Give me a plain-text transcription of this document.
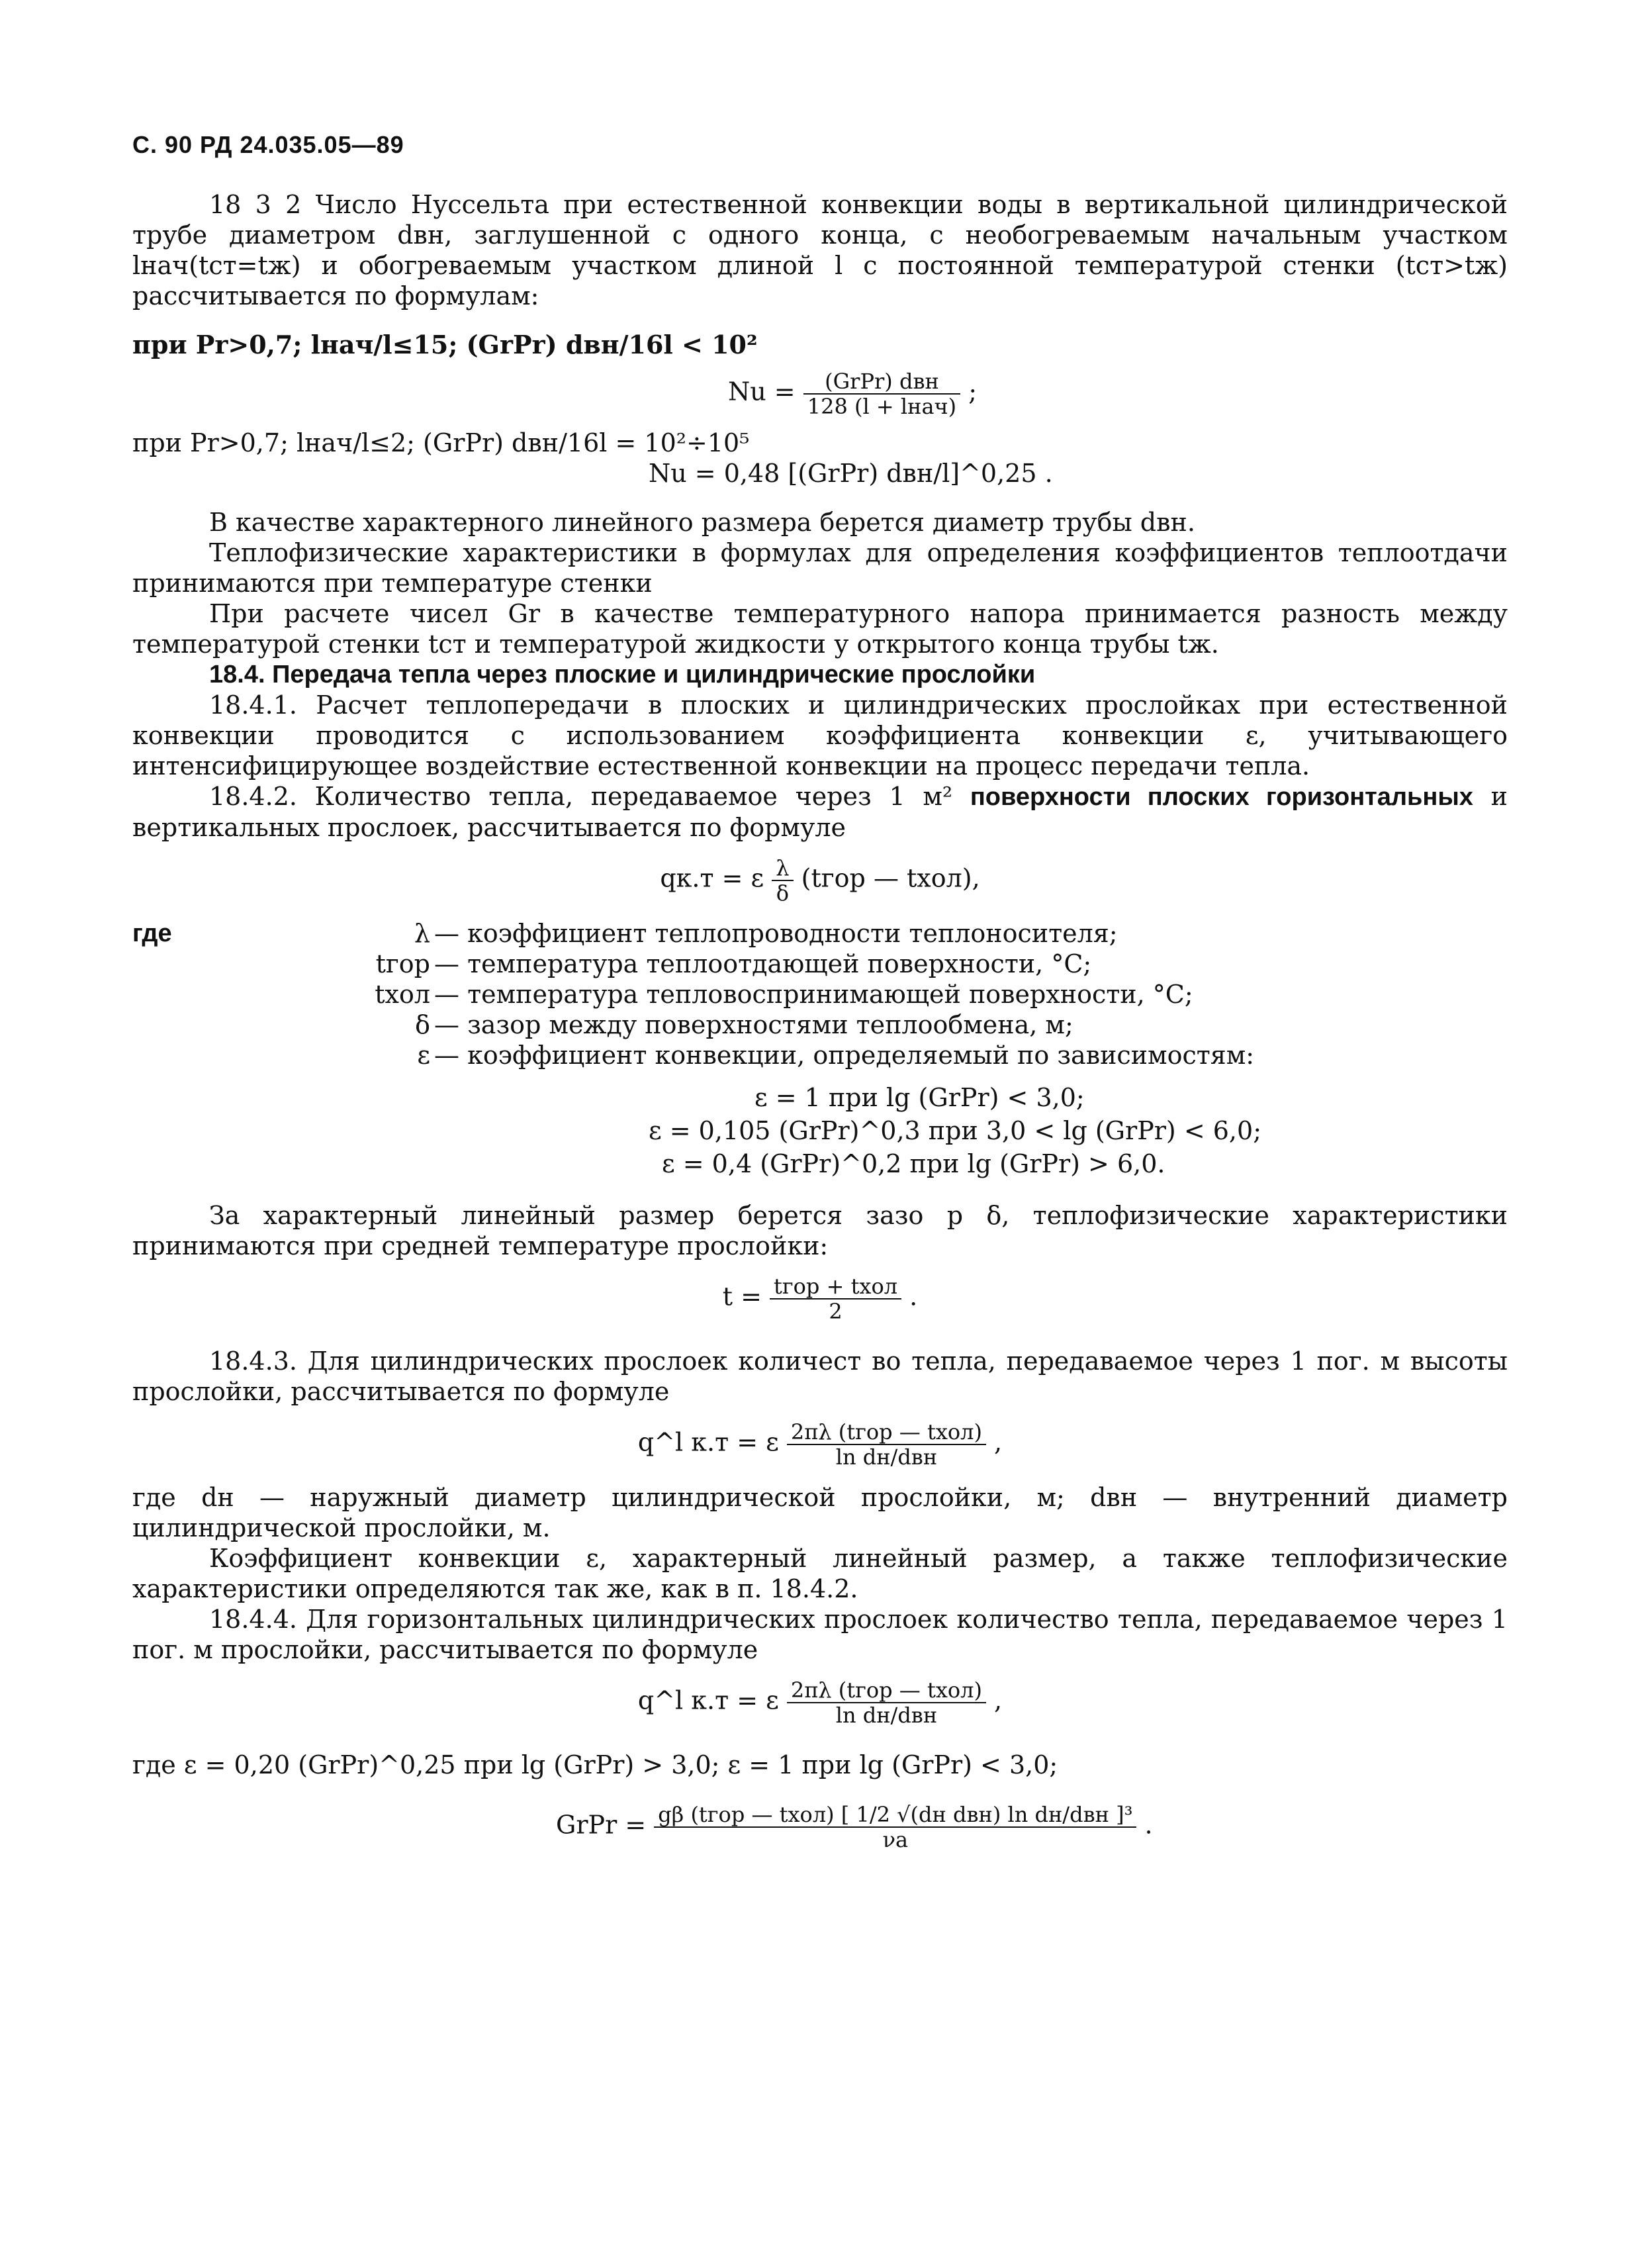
С. 90 РД 24.035.05—89

18 3 2 Число Нуссельта при естественной конвекции воды в вертикальной цилиндрической трубе диаметром dвн, заглушенной с одного конца, с необогреваемым начальным участком lнач(tст=tж) и обогреваемым участком длиной l с постоянной температурой стенки (tст>tж) рассчитывается по формулам:

при Pr>0,7; lнач/l≤15; (GrPr) dвн/16l < 10²

$Nu = \frac{\text{(GrPr) dвн}}{\text{128 (l + lнач)}}$ ;

при Pr>0,7; lнач/l≤2; (GrPr) dвн/16l = 10²÷10⁵

Nu = 0,48 [(GrPr) dвн/l]^0,25 .

В качестве характерного линейного размера берется диаметр трубы dвн.

Теплофизические характеристики в формулах для определения коэффициентов теплоотдачи принимаются при температуре стенки

При расчете чисел Gr в качестве температурного напора принимается разность между температурой стенки tст и температурой жидкости у открытого конца трубы tж.

18.4. Передача тепла через плоские и цилиндрические прослойки

18.4.1. Расчет теплопередачи в плоских и цилиндрических прослойках при естественной конвекции проводится с использованием коэффициента конвекции ε, учитывающего интенсифицирующее воздействие естественной конвекции на процесс передачи тепла.

18.4.2. Количество тепла, передаваемое через 1 м² поверхности плоских горизонтальных и вертикальных прослоек, рассчитывается по формуле

qк.т = ε $\frac{\lambda}{\delta}$ (tгор — tхол),
где	λ — коэффициент теплопроводности теплоносителя;
tгор — температура теплоотдающей поверхности, °С;
tхол — температура тепловоспринимающей поверхности, °С;
δ — зазор между поверхностями теплообмена, м;
ε — коэффициент конвекции, определяемый по зависимостям:
ε = 1 при lg (GrPr) < 3,0;
ε = 0,105 (GrPr)^0,3 при 3,0 < lg (GrPr) < 6,0;
ε = 0,4 (GrPr)^0,2 при lg (GrPr) > 6,0.

За характерный линейный размер берется зазо р δ, теплофизические характеристики принимаются при средней температуре прослойки:

$t = \frac{\text{tгор + tхол}}{2}$ .

18.4.3. Для цилиндрических прослоек количест во тепла, передаваемое через 1 пог. м высоты прослойки, рассчитывается по формуле

q^l к.т = ε $\frac{\text{2πλ (tгор — tхол)}}{\text{ln dн/dвн}}$ ,

где dн — наружный диаметр цилиндрической прослойки, м; dвн — внутренний диаметр цилиндрической прослойки, м.

Коэффициент конвекции ε, характерный линейный размер, а также теплофизические характеристики определяются так же, как в п. 18.4.2.

18.4.4. Для горизонтальных цилиндрических прослоек количество тепла, передаваемое через 1 пог. м прослойки, рассчитывается по формуле

q^l к.т = ε $\frac{\text{2πλ (tгор — tхол)}}{\text{ln dн/dвн}}$ ,

где ε = 0,20 (GrPr)^0,25 при lg (GrPr) > 3,0; ε = 1 при lg (GrPr) < 3,0;

GrPr = $\frac{\text{gβ (tгор — tхол) [ 1/2 √(dн dвн) ln dн/dвн ]³}}{\nu a}$ .
